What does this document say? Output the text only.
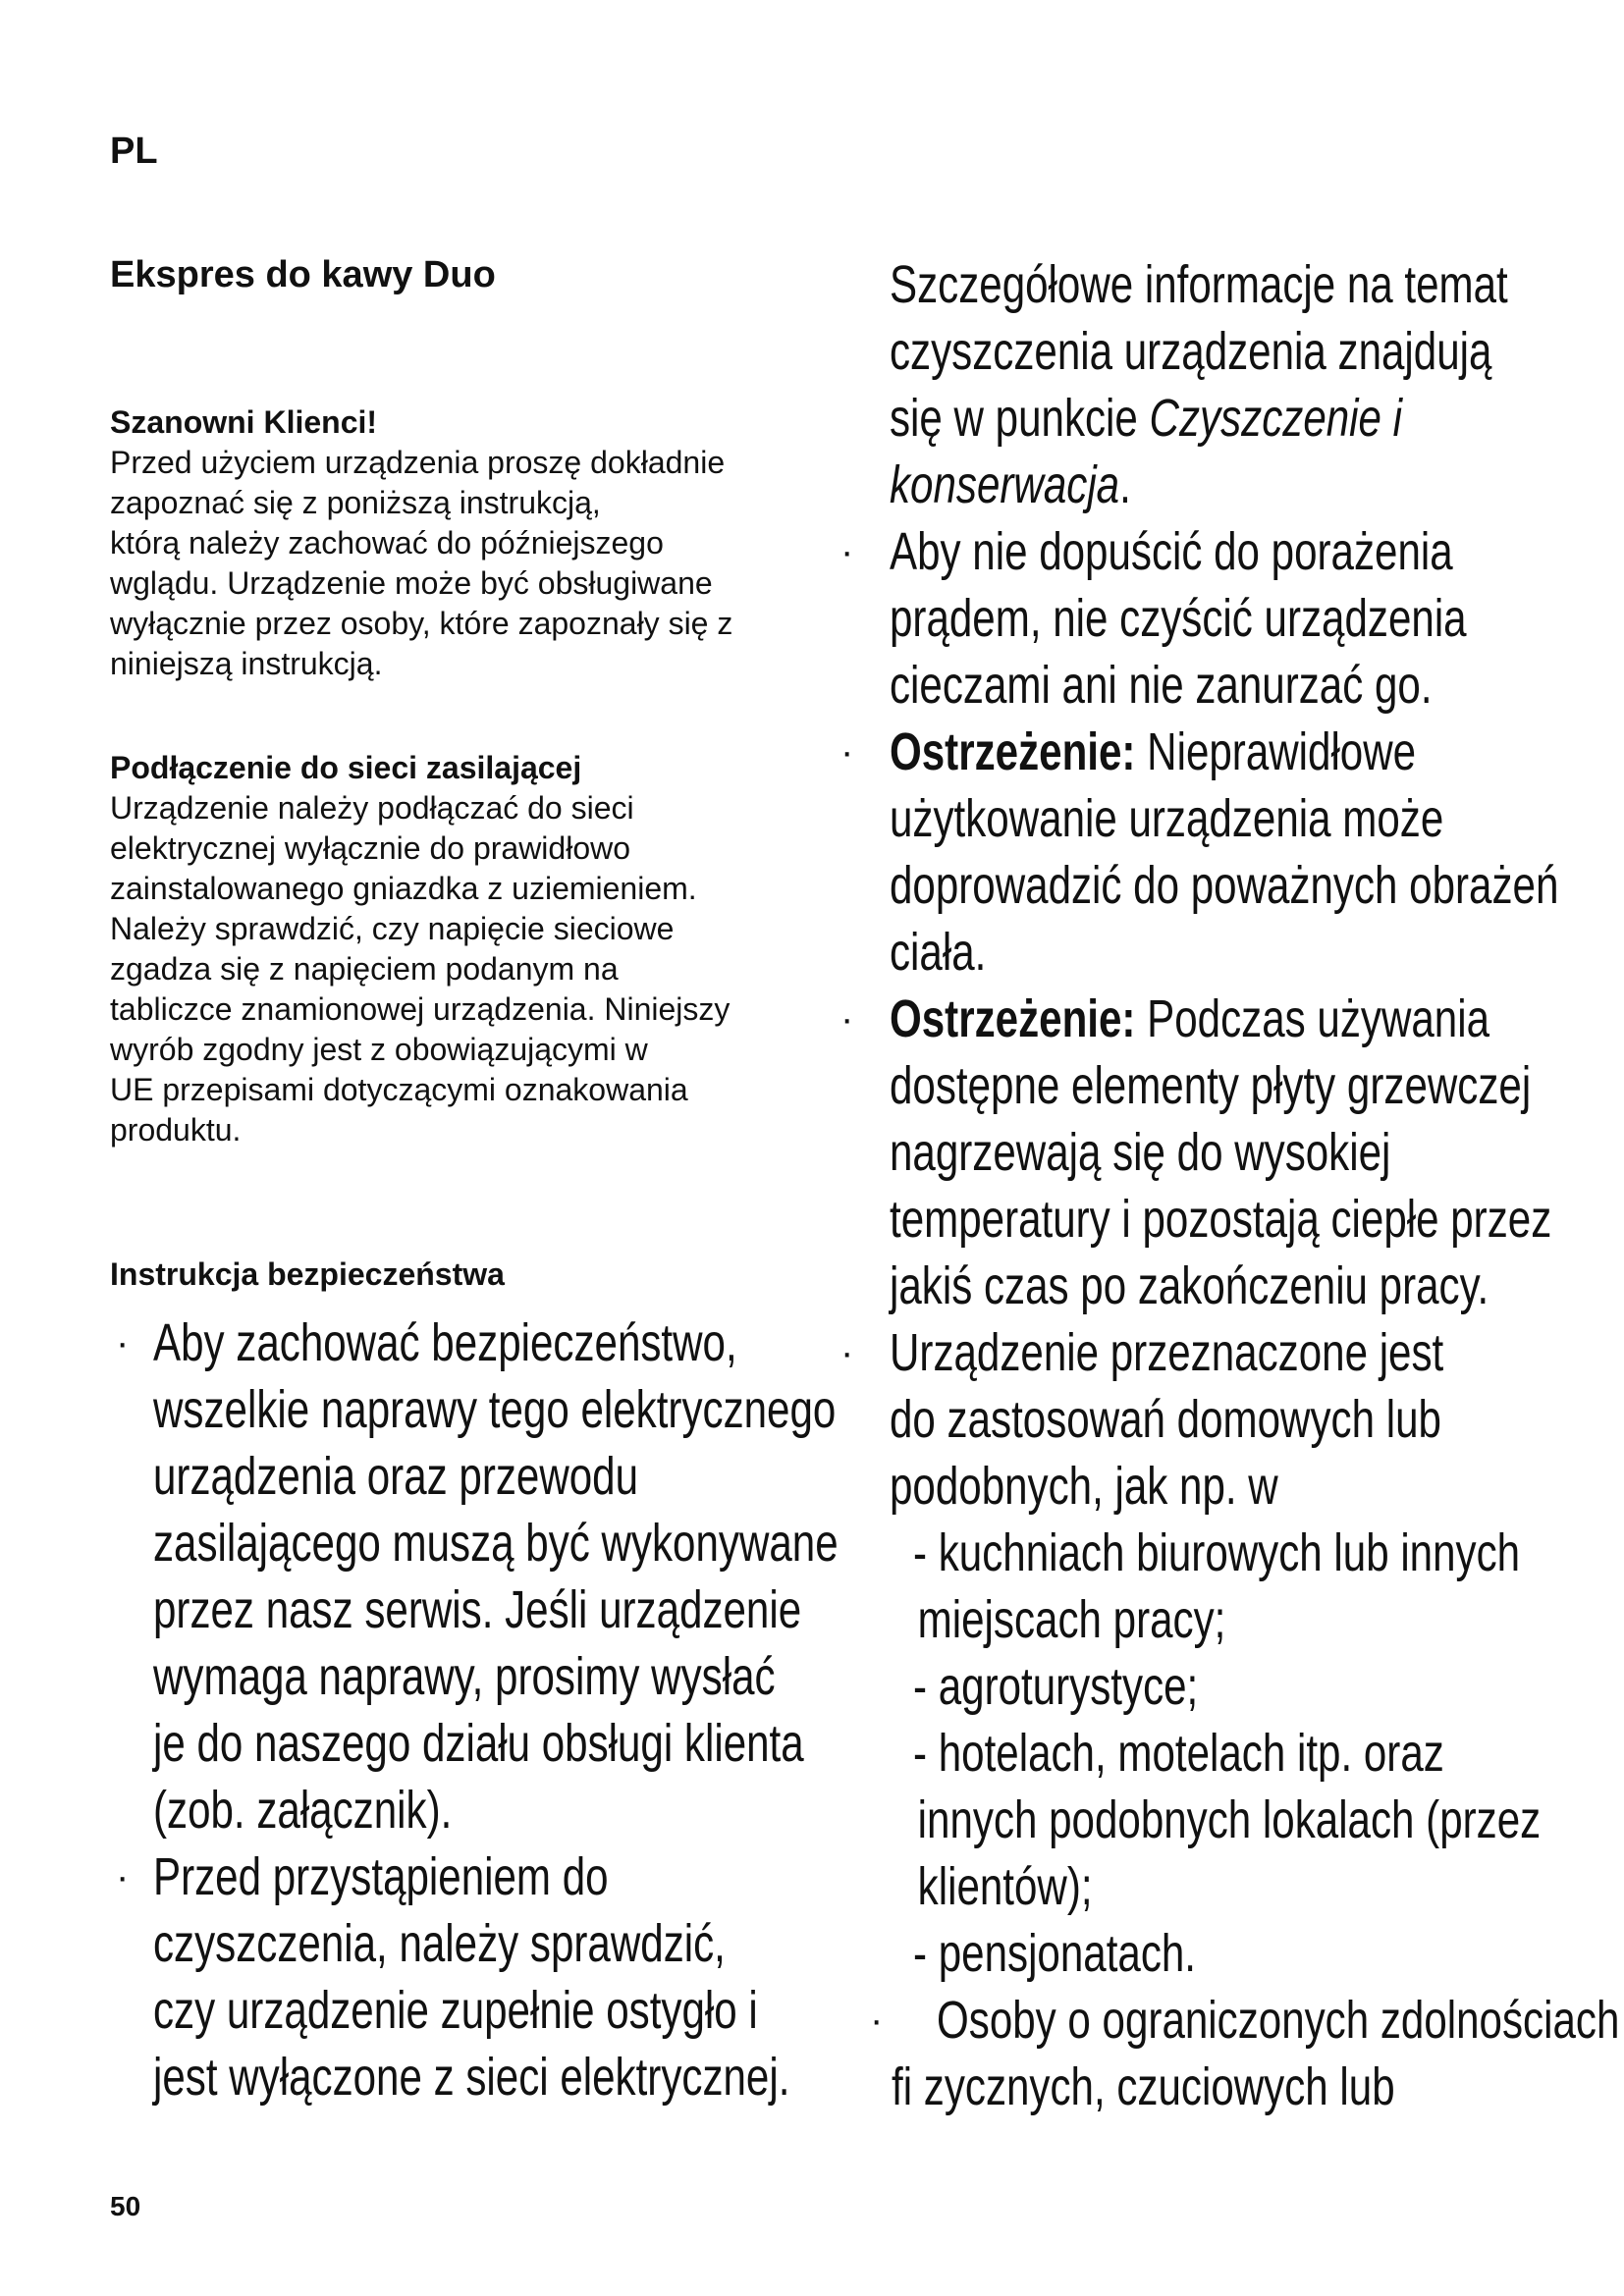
PL
Ekspres do kawy Duo
Szanowni Klienci!
Przed użyciem urządzenia proszę dokładnie
zapoznać się z poniższą instrukcją,
którą należy zachować do późniejszego
wglądu. Urządzenie może być obsługiwane
wyłącznie przez osoby, które zapoznały się z
niniejszą instrukcją.
Podłączenie do sieci zasilającej
Urządzenie należy podłączać do sieci
elektrycznej wyłącznie do prawidłowo
zainstalowanego gniazdka z uziemieniem.
Należy sprawdzić, czy napięcie sieciowe
zgadza się z napięciem podanym na
tabliczce znamionowej urządzenia. Niniejszy
wyrób zgodny jest z obowiązującymi w
UE przepisami dotyczącymi oznakowania
produktu.
Instrukcja bezpieczeństwa
· Aby zachować bezpieczeństwo,
wszelkie naprawy tego elektrycznego
urządzenia oraz przewodu
zasilającego muszą być wykonywane
przez nasz serwis. Jeśli urządzenie
wymaga naprawy, prosimy wysłać
je do naszego działu obsługi klienta
(zob. załącznik).
· Przed przystąpieniem do
czyszczenia, należy sprawdzić,
czy urządzenie zupełnie ostygło i
jest wyłączone z sieci elektrycznej.
Szczegółowe informacje na temat
czyszczenia urządzenia znajdują
się w punkcie Czyszczenie i
konserwacja.
· Aby nie dopuścić do porażenia
prądem, nie czyścić urządzenia
cieczami ani nie zanurzać go.
· Ostrzeżenie: Nieprawidłowe
użytkowanie urządzenia może
doprowadzić do poważnych obrażeń
ciała.
· Ostrzeżenie: Podczas używania
dostępne elementy płyty grzewczej
nagrzewają się do wysokiej
temperatury i pozostają ciepłe przez
jakiś czas po zakończeniu pracy.
· Urządzenie przeznaczone jest
do zastosowań domowych lub
podobnych, jak np. w
- kuchniach biurowych lub innych
miejscach pracy;
- agroturystyce;
- hotelach, motelach itp. oraz
innych podobnych lokalach (przez
klientów);
- pensjonatach.
· Osoby o ograniczonych zdolnościach
fi zycznych, czuciowych lub
50
